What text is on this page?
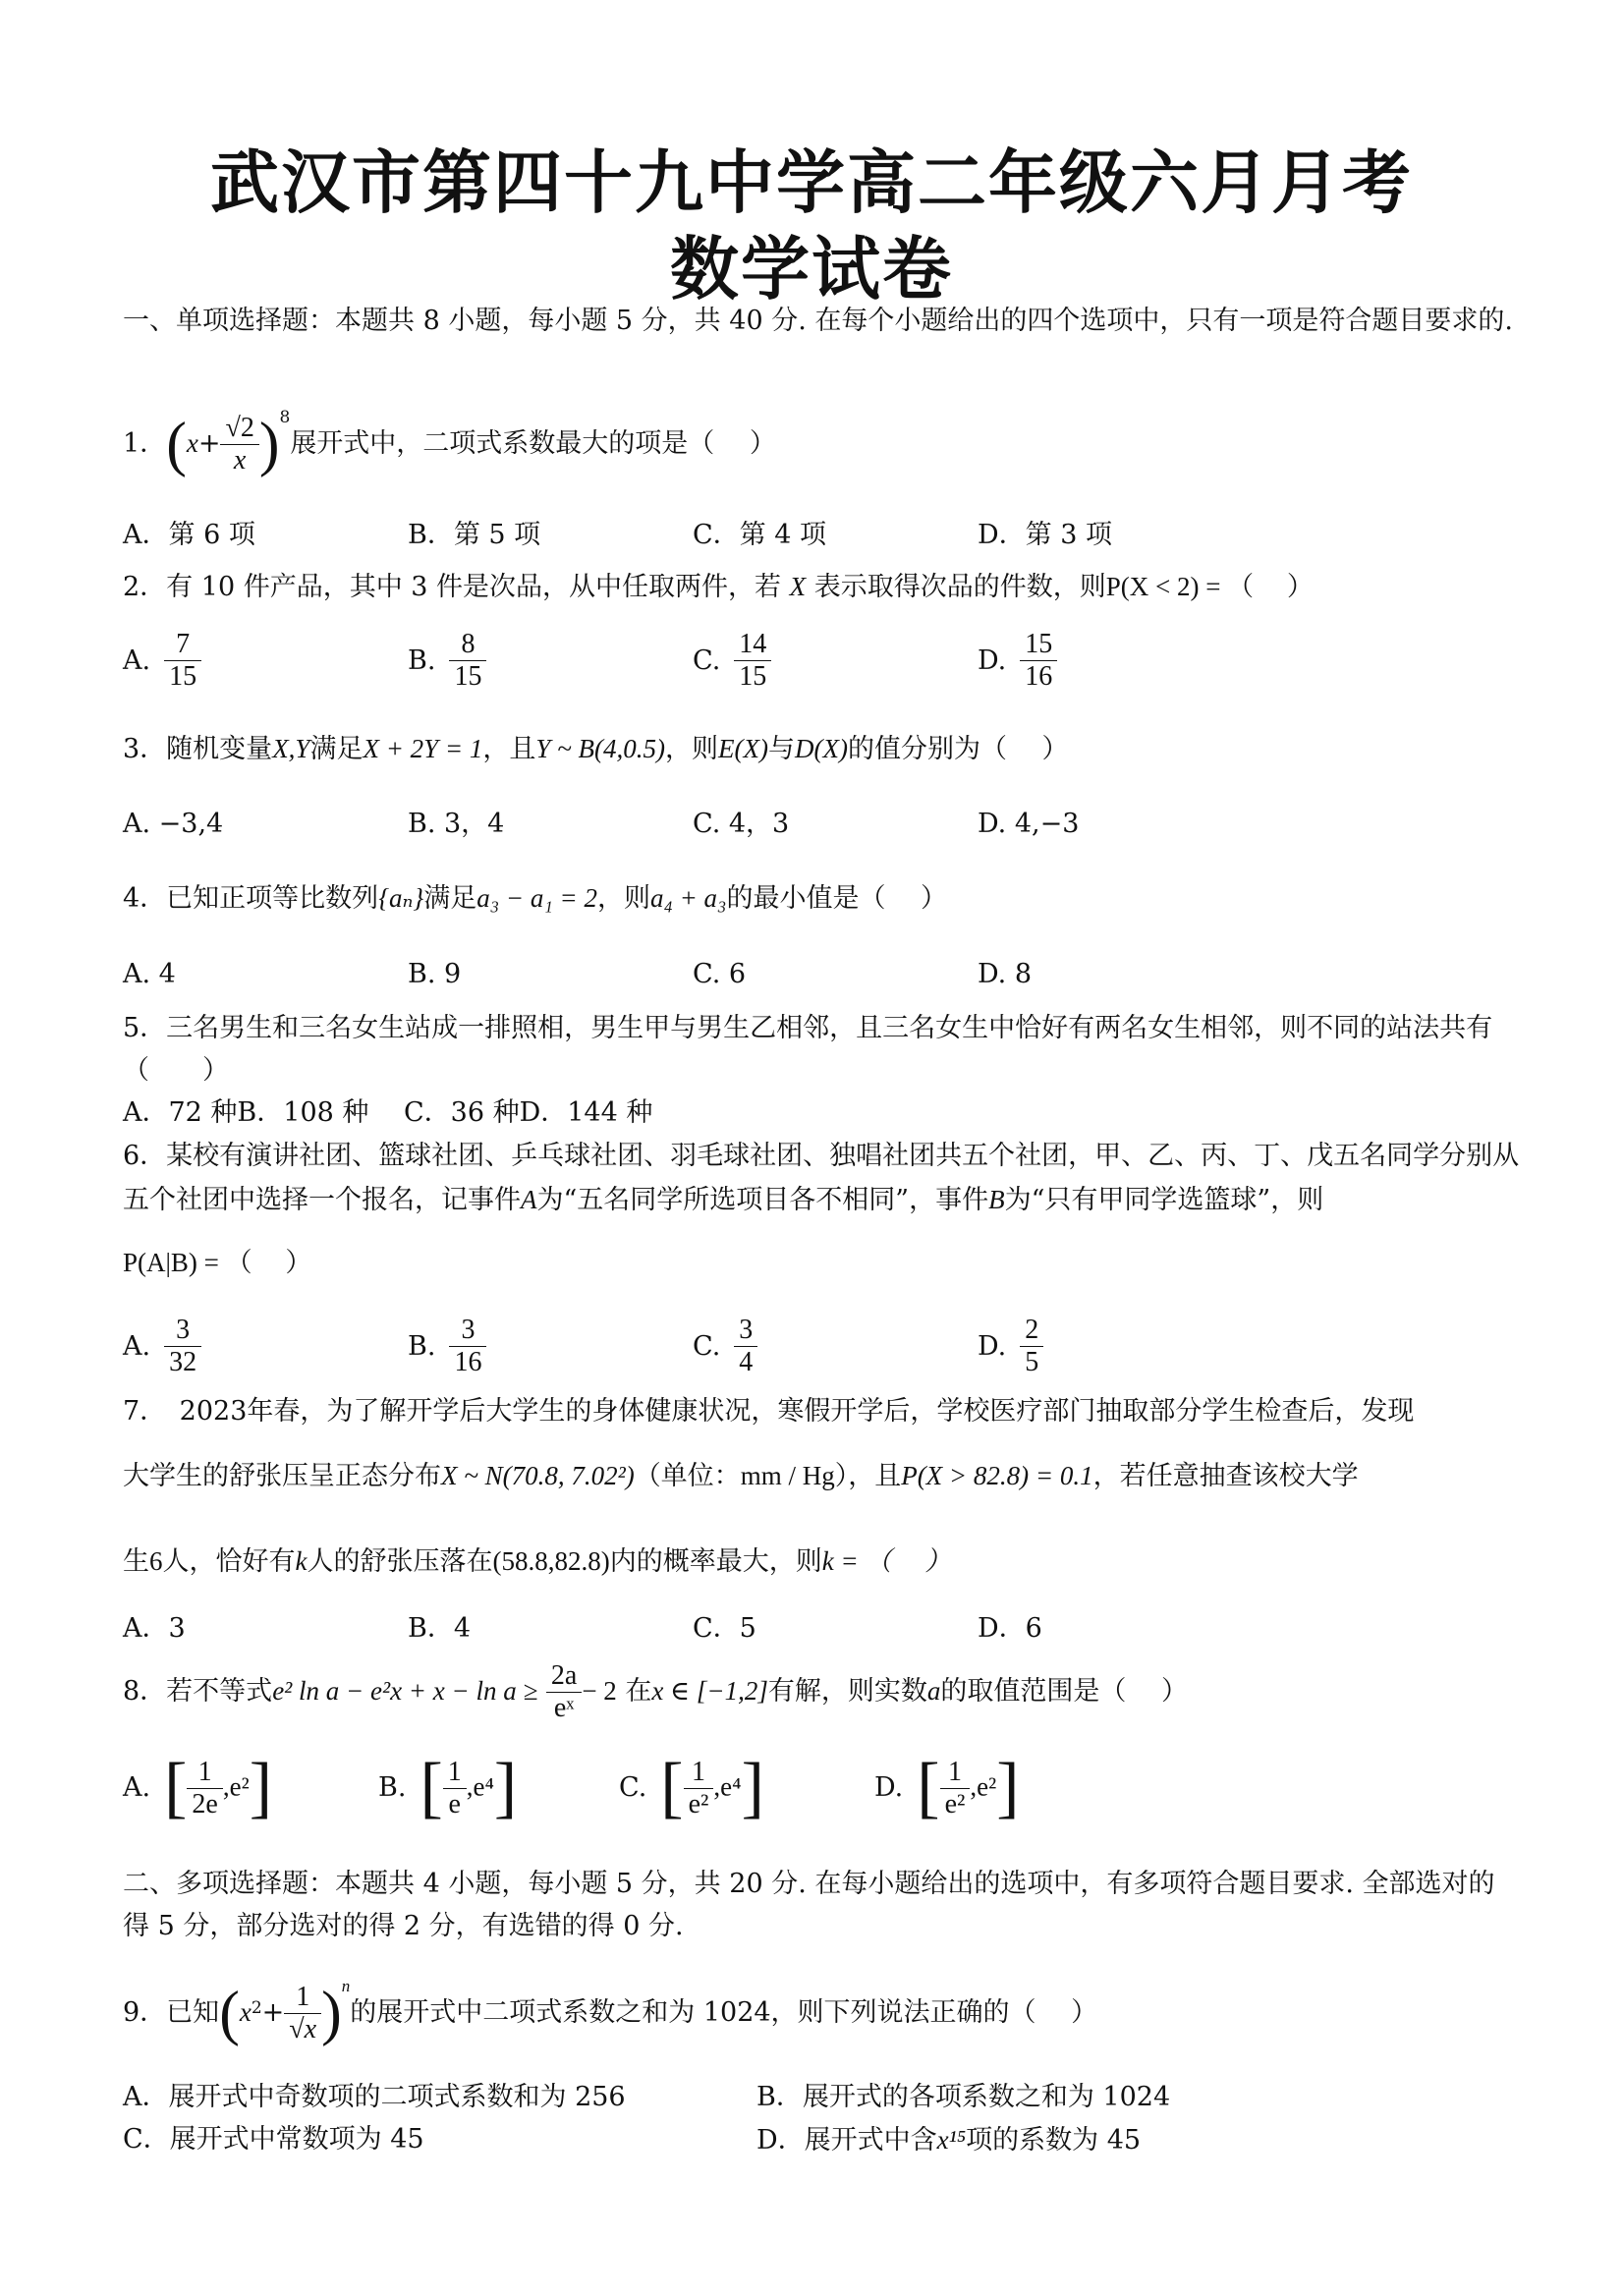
武汉市第四十九中学高二年级六月月考
数学试卷
一、单项选择题：本题共 8 小题，每小题 5 分，共 40 分. 在每个小题给出的四个选项中，只有一项是符合题目要求的.
1．$(x+ \frac{√2}{x} )^8$展开式中，二项式系数最大的项是（　 ）
A．第 6 项	B．第 5 项	C．第 4 项	D．第 3 项
2．有 10 件产品，其中 3 件是次品，从中任取两件，若 X 表示取得次品的件数，则P(X < 2) = （　 ）
A. $\frac{7}{15}$	B. $\frac{8}{15}$	C. $\frac{14}{15}$	D. $\frac{15}{16}$
3．随机变量X,Y满足X + 2Y = 1，且Y ~ B(4,0.5)，则E(X)与D(X)的值分别为（　 ）
A. −3,4	B. 3，4	C. 4，3	D. 4,−3
4．已知正项等比数列{aₙ}满足a₃ − a₁ = 2，则a₄ + a₃的最小值是（　 ）
A. 4	B. 9	C. 6	D. 8
5．三名男生和三名女生站成一排照相，男生甲与男生乙相邻，且三名女生中恰好有两名女生相邻，则不同的站法共有（　　）
A．72 种B．108 种　 C．36 种D．144 种
6．某校有演讲社团、篮球社团、乒乓球社团、羽毛球社团、独唱社团共五个社团，甲、乙、丙、丁、戊五名同学分别从
五个社团中选择一个报名，记事件A为“五名同学所选项目各不相同”，事件B为“只有甲同学选篮球”，则
P(A|B) = （　 ）
A. $\frac{3}{32}$	B. $\frac{3}{16}$	C. $\frac{3}{4}$	D. $\frac{2}{5}$
7．　2023年春，为了解开学后大学生的身体健康状况，寒假开学后，学校医疗部门抽取部分学生检查后，发现
大学生的舒张压呈正态分布X ~ N(70.8, 7.02²)（单位：mm / Hg），且P(X > 82.8) = 0.1，若任意抽查该校大学
生6人，恰好有k人的舒张压落在(58.8,82.8)内的概率最大，则k = （　 ）
A．3	B．4	C．5	D．6
8．若不等式e² $\ln a - e^2x + x - \ln a \ge \frac{2a}{\text{eˣ}} - 2$ 在x ∈ [−1,2]有解，则实数a的取值范围是（　 ）
A. [ $\frac{1}{2e} ,e^2$]	B. [ $\frac{1}{e} ,e^4$]	C. [ $\frac{1}{\text{e²}} ,e^4$]	D. [ $\frac{1}{\text{e²}} ,e^2$]
二、多项选择题：本题共 4 小题，每小题 5 分，共 20 分. 在每小题给出的选项中，有多项符合题目要求. 全部选对的得 5 分，部分选对的得 2 分，有选错的得 0 分.
9．已知$(x^2+ \frac{1}{√x} )^n$的展开式中二项式系数之和为 1024，则下列说法正确的（　 ）
A．展开式中奇数项的二项式系数和为 256	B．展开式的各项系数之和为 1024
C．展开式中常数项为 45	D．展开式中含x¹⁵项的系数为 45
